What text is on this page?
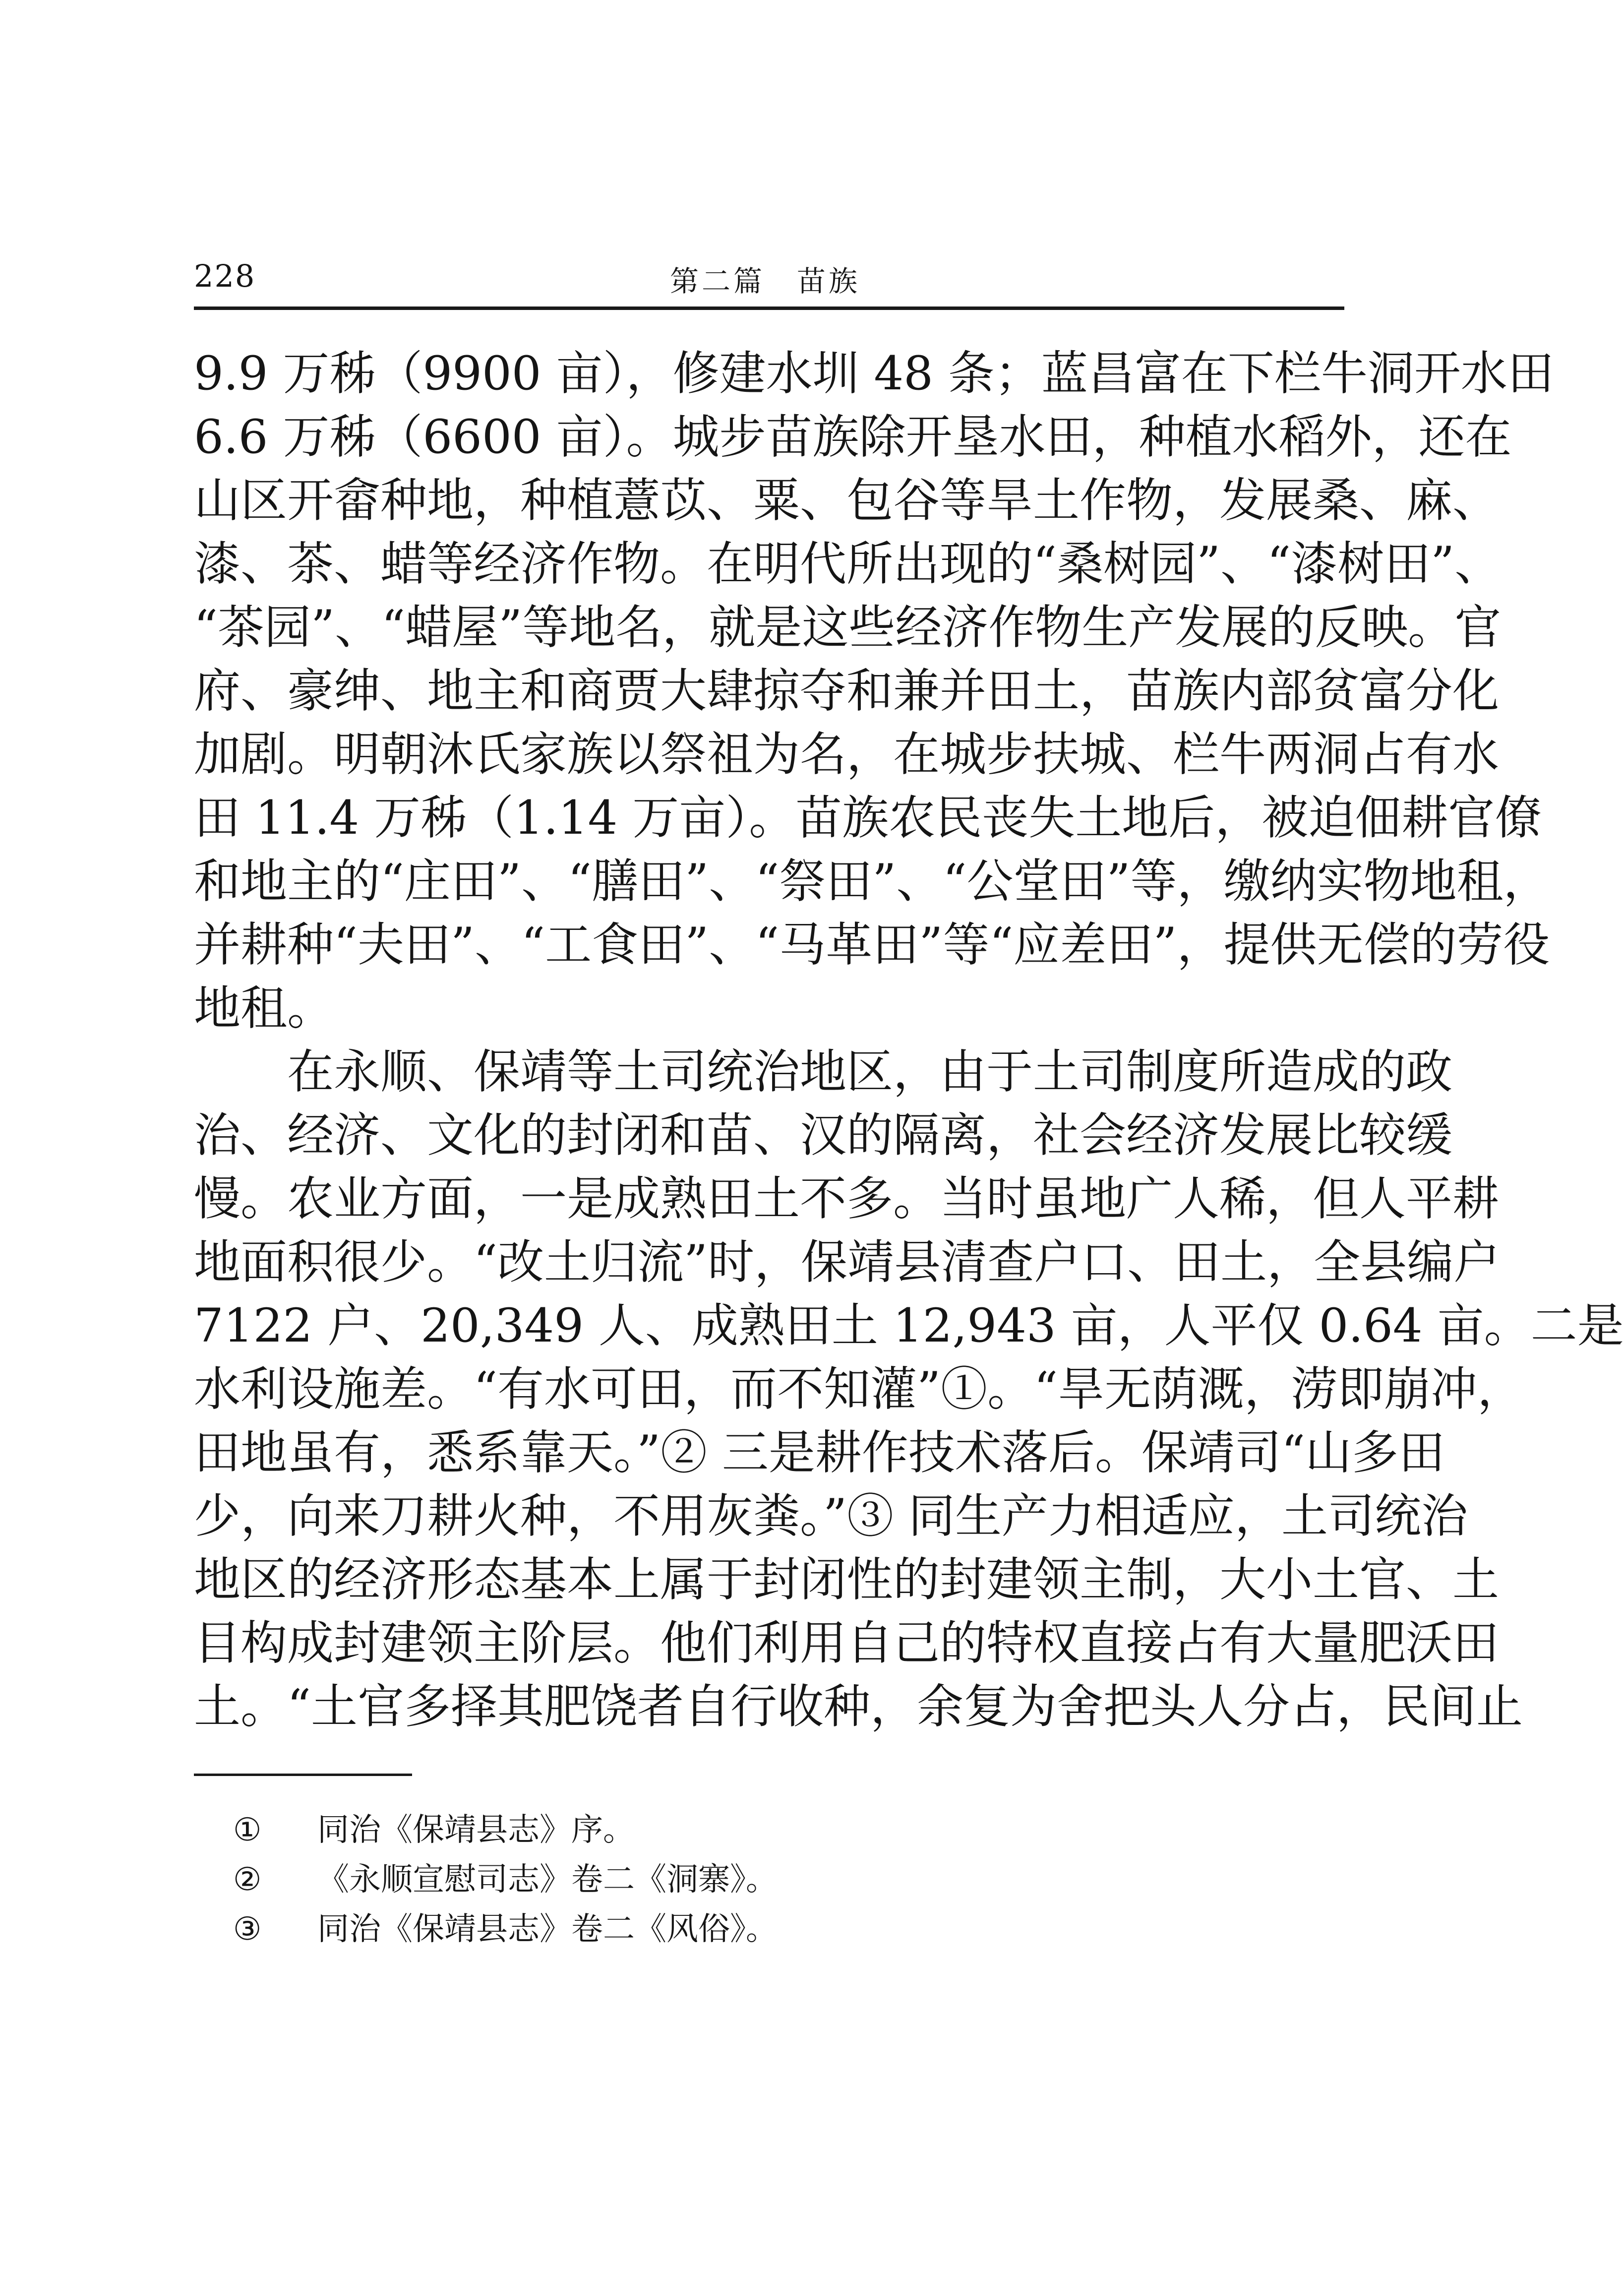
228	第二篇　苗族
9.9 万秭（9900 亩），修建水圳 48 条；蓝昌富在下栏牛洞开水田
6.6 万秭（6600 亩）。城步苗族除开垦水田，种植水稻外，还在
山区开畲种地，种植薏苡、粟、包谷等旱土作物，发展桑、麻、
漆、茶、蜡等经济作物。在明代所出现的“桑树园”、“漆树田”、
“茶园”、“蜡屋”等地名，就是这些经济作物生产发展的反映。官
府、豪绅、地主和商贾大肆掠夺和兼并田土，苗族内部贫富分化
加剧。明朝沐氏家族以祭祖为名，在城步扶城、栏牛两洞占有水
田 11.4 万秭（1.14 万亩）。苗族农民丧失土地后，被迫佃耕官僚
和地主的“庄田”、“膳田”、“祭田”、“公堂田”等，缴纳实物地租，
并耕种“夫田”、“工食田”、“马革田”等“应差田”，提供无偿的劳役
地租。
　　在永顺、保靖等土司统治地区，由于土司制度所造成的政
治、经济、文化的封闭和苗、汉的隔离，社会经济发展比较缓
慢。农业方面，一是成熟田土不多。当时虽地广人稀，但人平耕
地面积很少。“改土归流”时，保靖县清查户口、田土，全县编户
7122 户、20,349 人、成熟田土 12,943 亩，人平仅 0.64 亩。二是
水利设施差。“有水可田，而不知灌”①。“旱无荫溉，涝即崩冲，
田地虽有，悉系靠天。”② 三是耕作技术落后。保靖司“山多田
少，向来刀耕火种，不用灰粪。”③ 同生产力相适应，土司统治
地区的经济形态基本上属于封闭性的封建领主制，大小土官、土
目构成封建领主阶层。他们利用自己的特权直接占有大量肥沃田
土。“土官多择其肥饶者自行收种，余复为舍把头人分占，民间止
①	同治《保靖县志》序。
②	《永顺宣慰司志》卷二《洞寨》。
③	同治《保靖县志》卷二《风俗》。
